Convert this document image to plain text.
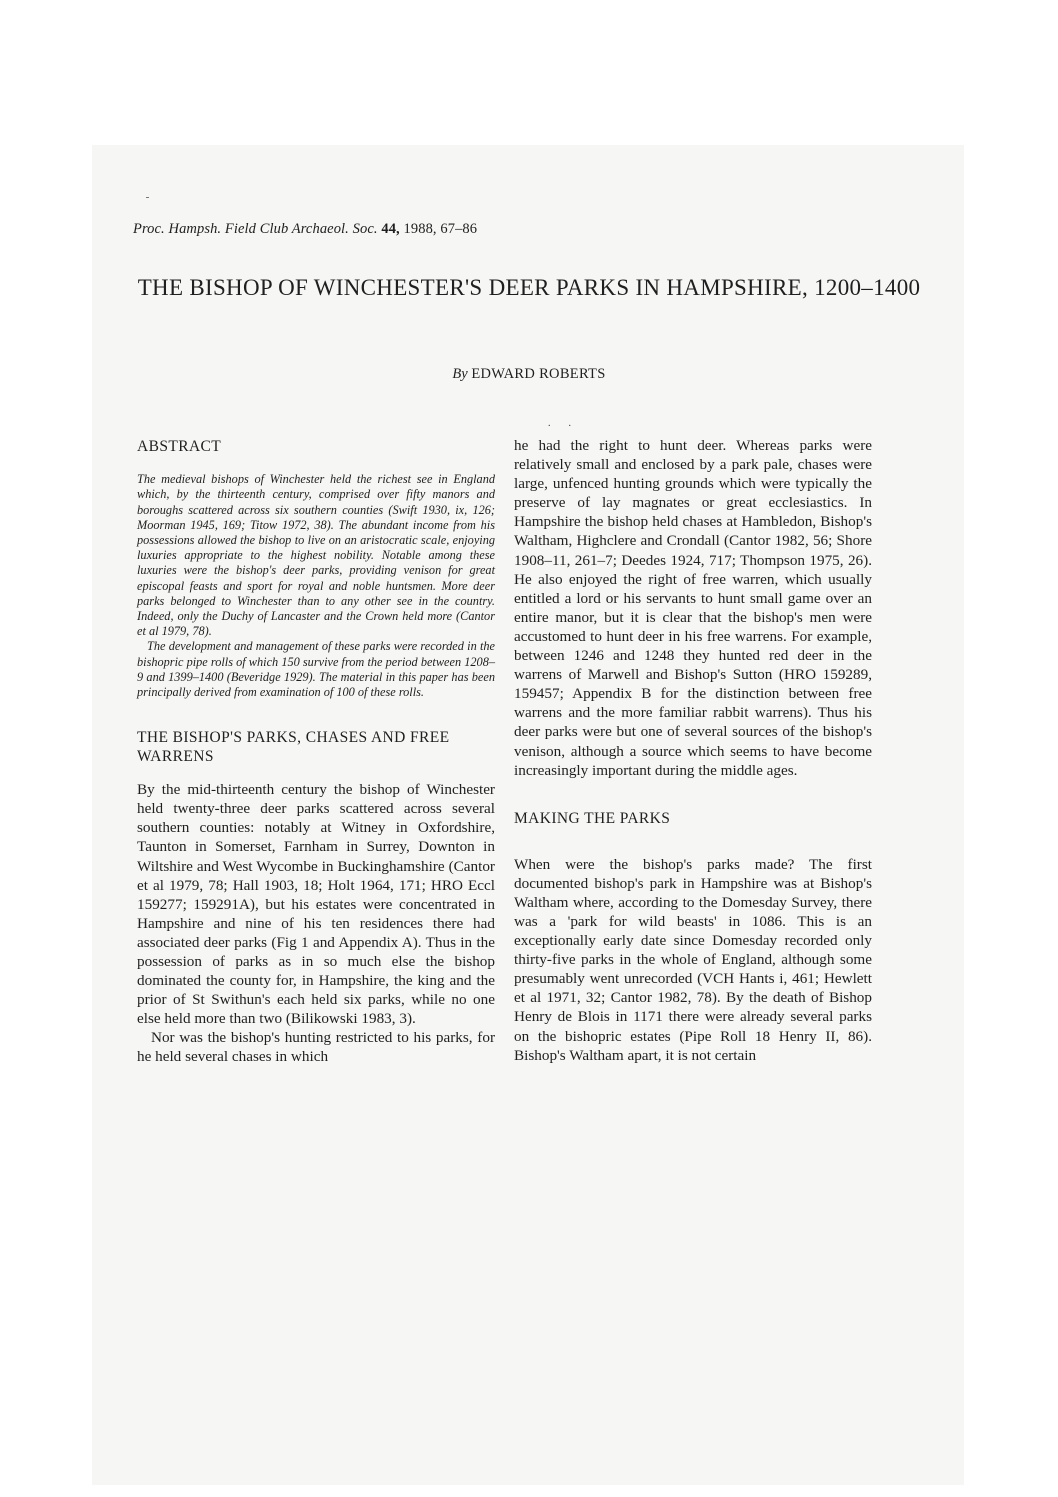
Proc. Hampsh. Field Club Archaeol. Soc. 44, 1988, 67–86
THE BISHOP OF WINCHESTER'S DEER PARKS IN HAMPSHIRE, 1200–1400
By EDWARD ROBERTS
..
ABSTRACT

The medieval bishops of Winchester held the richest see in England which, by the thirteenth century, comprised over fifty manors and boroughs scattered across six southern counties (Swift 1930, ix, 126; Moorman 1945, 169; Titow 1972, 38). The abundant income from his possessions allowed the bishop to live on an aristocratic scale, enjoying luxuries appropriate to the highest nobility. Notable among these luxuries were the bishop's deer parks, providing venison for great episcopal feasts and sport for royal and noble huntsmen. More deer parks belonged to Winchester than to any other see in the country. Indeed, only the Duchy of Lancaster and the Crown held more (Cantor et al 1979, 78).

The development and management of these parks were recorded in the bishopric pipe rolls of which 150 survive from the period between 1208–9 and 1399–1400 (Beveridge 1929). The material in this paper has been principally derived from examination of 100 of these rolls.

THE BISHOP'S PARKS, CHASES AND FREE WARRENS

By the mid-thirteenth century the bishop of Winchester held twenty-three deer parks scattered across several southern counties: notably at Witney in Oxfordshire, Taunton in Somerset, Farnham in Surrey, Downton in Wiltshire and West Wycombe in Buckinghamshire (Cantor et al 1979, 78; Hall 1903, 18; Holt 1964, 171; HRO Eccl 159277; 159291A), but his estates were concentrated in Hampshire and nine of his ten residences there had associated deer parks (Fig 1 and Appendix A). Thus in the possession of parks as in so much else the bishop dominated the county for, in Hampshire, the king and the prior of St Swithun's each held six parks, while no one else held more than two (Bilikowski 1983, 3).

Nor was the bishop's hunting restricted to his parks, for he held several chases in which

he had the right to hunt deer. Whereas parks were relatively small and enclosed by a park pale, chases were large, unfenced hunting grounds which were typically the preserve of lay magnates or great ecclesiastics. In Hampshire the bishop held chases at Hambledon, Bishop's Waltham, Highclere and Crondall (Cantor 1982, 56; Shore 1908–11, 261–7; Deedes 1924, 717; Thompson 1975, 26). He also enjoyed the right of free warren, which usually entitled a lord or his servants to hunt small game over an entire manor, but it is clear that the bishop's men were accustomed to hunt deer in his free warrens. For example, between 1246 and 1248 they hunted red deer in the warrens of Marwell and Bishop's Sutton (HRO 159289, 159457; Appendix B for the distinction between free warrens and the more familiar rabbit warrens). Thus his deer parks were but one of several sources of the bishop's venison, although a source which seems to have become increasingly important during the middle ages.

MAKING THE PARKS

When were the bishop's parks made? The first documented bishop's park in Hampshire was at Bishop's Waltham where, according to the Domesday Survey, there was a 'park for wild beasts' in 1086. This is an exceptionally early date since Domesday recorded only thirty-five parks in the whole of England, although some presumably went unrecorded (VCH Hants i, 461; Hewlett et al 1971, 32; Cantor 1982, 78). By the death of Bishop Henry de Blois in 1171 there were already several parks on the bishopric estates (Pipe Roll 18 Henry II, 86). Bishop's Waltham apart, it is not certain
